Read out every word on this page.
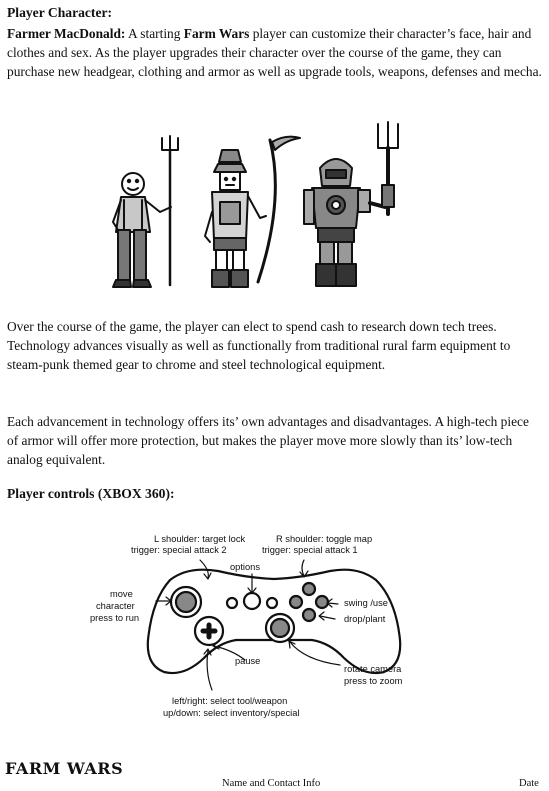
Player Character:
Farmer MacDonald: A starting Farm Wars player can customize their character’s face, hair and clothes and sex. As the player upgrades their character over the course of the game, they can purchase new headgear, clothing and armor as well as upgrade tools, weapons, defenses and mecha.
Over the course of the game, the player can elect to spend cash to research down tech trees. Technology advances visually as well as functionally from traditional rural farm equipment to steam-punk themed gear to chrome and steel technological equipment.
Each advancement in technology offers its’ own advantages and disadvantages. A high-tech piece of armor will offer more protection, but makes the player move more slowly than its’ low-tech analog equivalent.
Player controls (XBOX 360):
L shoulder: target lock
trigger: special attack 2
R shoulder: toggle map
trigger: special attack 1
options
move
character
press to run
swing /use
drop/plant
pause
rotate camera
press to zoom
left/right: select tool/weapon
up/down: select inventory/special
FARM WARS
Name and Contact Info	Date
